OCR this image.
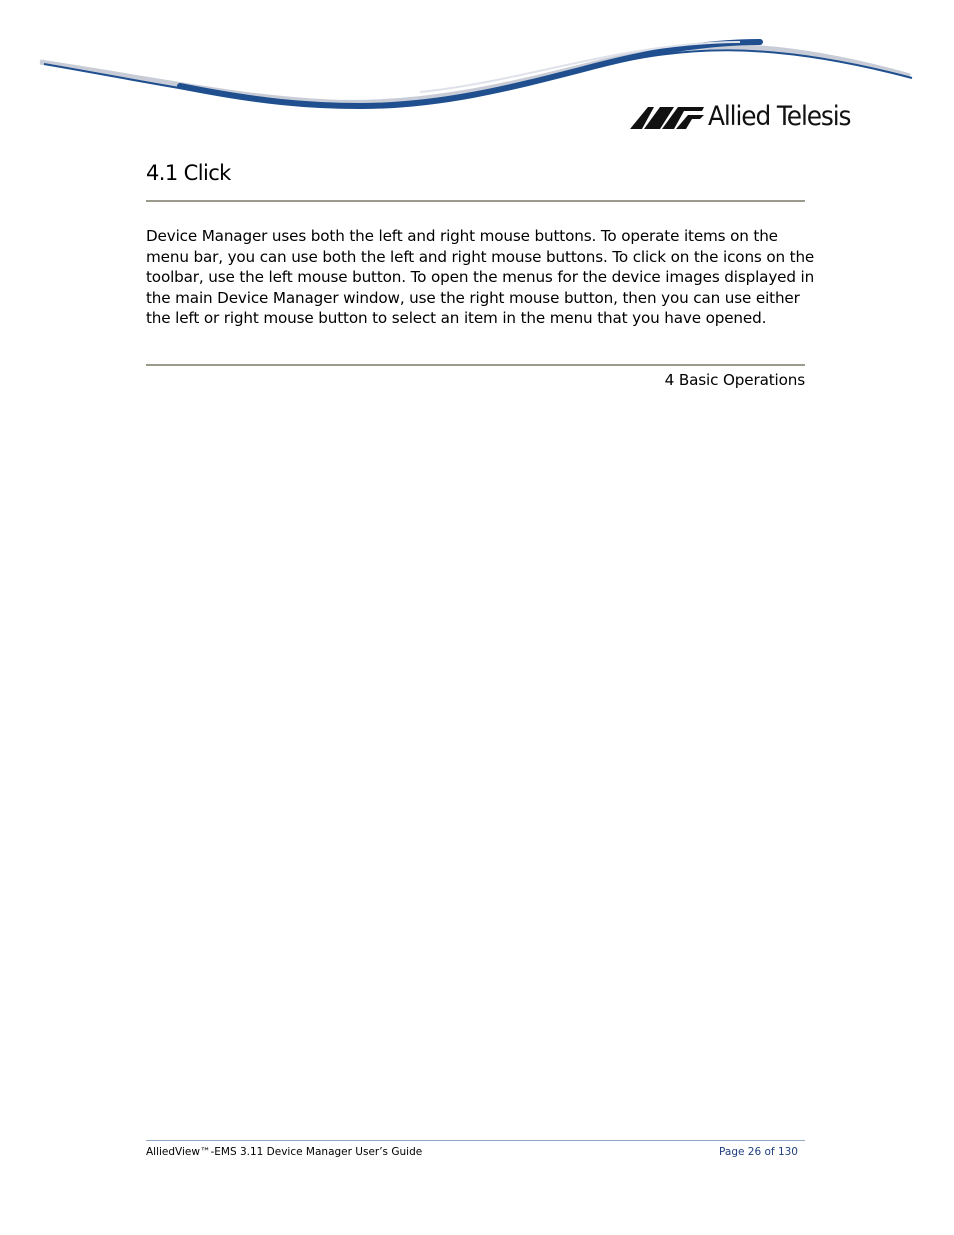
Allied Telesis
4.1 Click

Device Manager uses both the left and right mouse buttons. To operate items on the menu bar, you can use both the left and right mouse buttons. To click on the icons on the toolbar, use the left mouse button. To open the menus for the device images displayed in the main Device Manager window, use the right mouse button, then you can use either the left or right mouse button to select an item in the menu that you have opened.

4 Basic Operations
AlliedView™-EMS 3.11 Device Manager User’s Guide	Page 26 of 130
